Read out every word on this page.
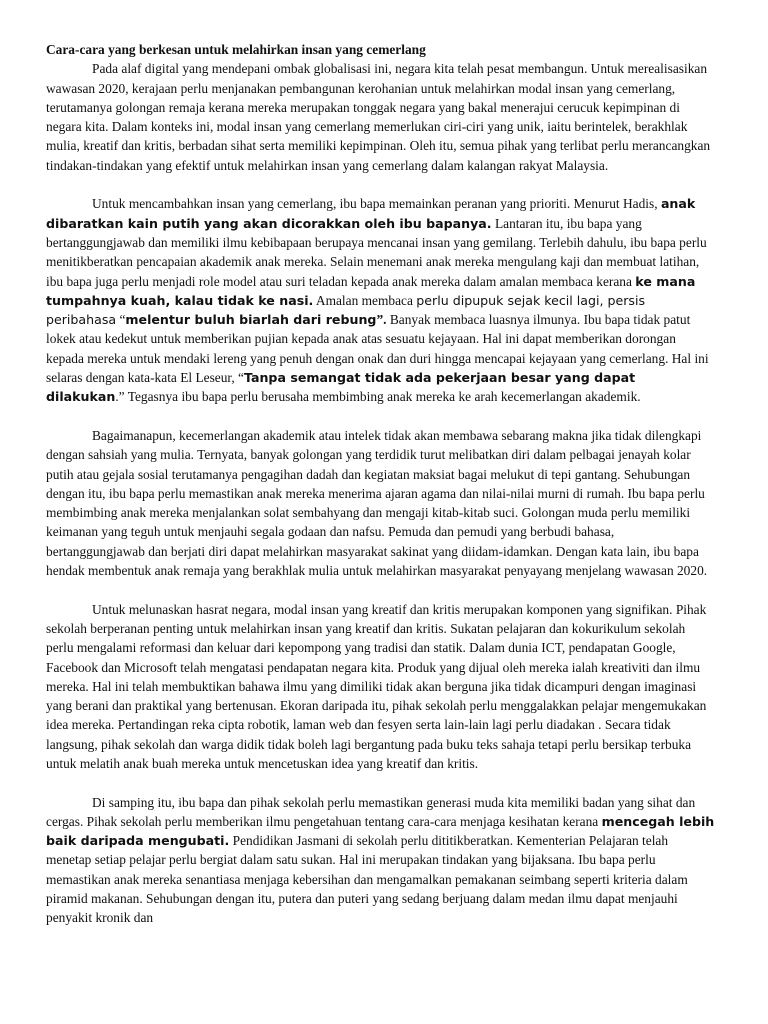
Cara-cara yang berkesan untuk melahirkan insan yang cemerlang

Pada alaf digital yang mendepani ombak globalisasi ini, negara kita telah pesat membangun. Untuk merealisasikan wawasan 2020, kerajaan perlu menjanakan pembangunan kerohanian untuk melahirkan modal insan yang cemerlang, terutamanya golongan remaja kerana mereka merupakan tonggak negara yang bakal menerajui cerucuk kepimpinan di negara kita. Dalam konteks ini, modal insan yang cemerlang memerlukan ciri-ciri yang unik, iaitu berintelek, berakhlak mulia, kreatif dan kritis, berbadan sihat serta memiliki kepimpinan. Oleh itu, semua pihak yang terlibat perlu merancangkan tindakan-tindakan yang efektif untuk melahirkan insan yang cemerlang dalam kalangan rakyat Malaysia.

Untuk mencambahkan insan yang cemerlang, ibu bapa memainkan peranan yang prioriti. Menurut Hadis, anak dibaratkan kain putih yang akan dicorakkan oleh ibu bapanya. Lantaran itu, ibu bapa yang bertanggungjawab dan memiliki ilmu kebibapaan berupaya mencanai insan yang gemilang. Terlebih dahulu, ibu bapa perlu menitikberatkan pencapaian akademik anak mereka. Selain menemani anak mereka mengulang kaji dan membuat latihan, ibu bapa juga perlu menjadi role model atau suri teladan kepada anak mereka dalam amalan membaca kerana ke mana tumpahnya kuah, kalau tidak ke nasi. Amalan membaca perlu dipupuk sejak kecil lagi, persis peribahasa “melentur buluh biarlah dari rebung”. Banyak membaca luasnya ilmunya. Ibu bapa tidak patut lokek atau kedekut untuk memberikan pujian kepada anak atas sesuatu kejayaan. Hal ini dapat memberikan dorongan kepada mereka untuk mendaki lereng yang penuh dengan onak dan duri hingga mencapai kejayaan yang cemerlang. Hal ini selaras dengan kata-kata El Leseur, “Tanpa semangat tidak ada pekerjaan besar yang dapat dilakukan.” Tegasnya ibu bapa perlu berusaha membimbing anak mereka ke arah kecemerlangan akademik.

Bagaimanapun, kecemerlangan akademik atau intelek tidak akan membawa sebarang makna jika tidak dilengkapi dengan sahsiah yang mulia. Ternyata, banyak golongan yang terdidik turut melibatkan diri dalam pelbagai jenayah kolar putih atau gejala sosial terutamanya pengagihan dadah dan kegiatan maksiat bagai melukut di tepi gantang. Sehubungan dengan itu, ibu bapa perlu memastikan anak mereka menerima ajaran agama dan nilai-nilai murni di rumah. Ibu bapa perlu membimbing anak mereka menjalankan solat sembahyang dan mengaji kitab-kitab suci. Golongan muda perlu memiliki keimanan yang teguh untuk menjauhi segala godaan dan nafsu. Pemuda dan pemudi yang berbudi bahasa, bertanggungjawab dan berjati diri dapat melahirkan masyarakat sakinat yang diidam-idamkan. Dengan kata lain, ibu bapa hendak membentuk anak remaja yang berakhlak mulia untuk melahirkan masyarakat penyayang menjelang wawasan 2020.

Untuk melunaskan hasrat negara, modal insan yang kreatif dan kritis merupakan komponen yang signifikan. Pihak sekolah berperanan penting untuk melahirkan insan yang kreatif dan kritis. Sukatan pelajaran dan kokurikulum sekolah perlu mengalami reformasi dan keluar dari kepompong yang tradisi dan statik. Dalam dunia ICT, pendapatan Google, Facebook dan Microsoft telah mengatasi pendapatan negara kita. Produk yang dijual oleh mereka ialah kreativiti dan ilmu mereka. Hal ini telah membuktikan bahawa ilmu yang dimiliki tidak akan berguna jika tidak dicampuri dengan imaginasi yang berani dan praktikal yang bertenusan. Ekoran daripada itu, pihak sekolah perlu menggalakkan pelajar mengemukakan idea mereka. Pertandingan reka cipta robotik, laman web dan fesyen serta lain-lain lagi perlu diadakan . Secara tidak langsung, pihak sekolah dan warga didik tidak boleh lagi bergantung pada buku teks sahaja tetapi perlu bersikap terbuka untuk melatih anak buah mereka untuk mencetuskan idea yang kreatif dan kritis.

Di samping itu, ibu bapa dan pihak sekolah perlu memastikan generasi muda kita memiliki badan yang sihat dan cergas. Pihak sekolah perlu memberikan ilmu pengetahuan tentang cara-cara menjaga kesihatan kerana mencegah lebih baik daripada mengubati. Pendidikan Jasmani di sekolah perlu dititikberatkan. Kementerian Pelajaran telah menetap setiap pelajar perlu bergiat dalam satu sukan. Hal ini merupakan tindakan yang bijaksana. Ibu bapa perlu memastikan anak mereka senantiasa menjaga kebersihan dan mengamalkan pemakanan seimbang seperti kriteria dalam piramid makanan. Sehubungan dengan itu, putera dan puteri yang sedang berjuang dalam medan ilmu dapat menjauhi penyakit kronik dan
